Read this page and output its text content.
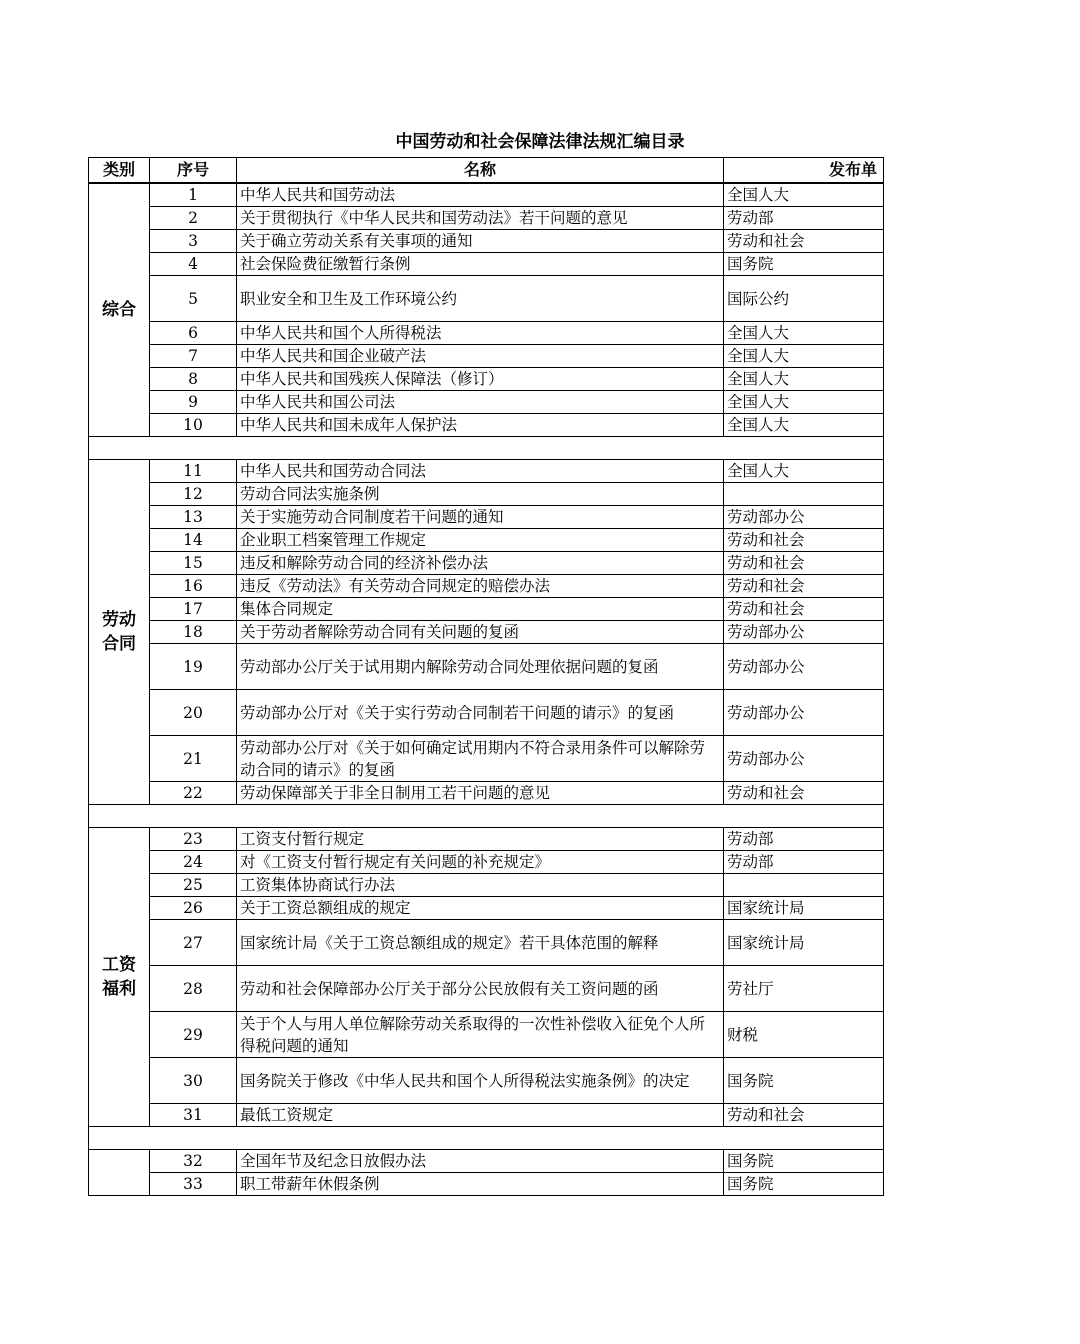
中国劳动和社会保障法律法规汇编目录
类别	序号	名称	发布单
综合	1	中华人民共和国劳动法	全国人大
	2	关于贯彻执行《中华人民共和国劳动法》若干问题的意见	劳动部
	3	关于确立劳动关系有关事项的通知	劳动和社会
	4	社会保险费征缴暂行条例	国务院
	5	职业安全和卫生及工作环境公约	国际公约
	6	中华人民共和国个人所得税法	全国人大
	7	中华人民共和国企业破产法	全国人大
	8	中华人民共和国残疾人保障法（修订）	全国人大
	9	中华人民共和国公司法	全国人大
	10	中华人民共和国未成年人保护法	全国人大

劳动合同	11	中华人民共和国劳动合同法	全国人大
	12	劳动合同法实施条例	
	13	关于实施劳动合同制度若干问题的通知	劳动部办公
	14	企业职工档案管理工作规定	劳动和社会
	15	违反和解除劳动合同的经济补偿办法	劳动和社会
	16	违反《劳动法》有关劳动合同规定的赔偿办法	劳动和社会
	17	集体合同规定	劳动和社会
	18	关于劳动者解除劳动合同有关问题的复函	劳动部办公
	19	劳动部办公厅关于试用期内解除劳动合同处理依据问题的复函	劳动部办公
	20	劳动部办公厅对《关于实行劳动合同制若干问题的请示》的复函	劳动部办公
	21	劳动部办公厅对《关于如何确定试用期内不符合录用条件可以解除劳动合同的请示》的复函	劳动部办公
	22	劳动保障部关于非全日制用工若干问题的意见	劳动和社会

工资福利	23	工资支付暂行规定	劳动部
	24	对《工资支付暂行规定有关问题的补充规定》	劳动部
	25	工资集体协商试行办法	
	26	关于工资总额组成的规定	国家统计局
	27	国家统计局《关于工资总额组成的规定》若干具体范围的解释	国家统计局
	28	劳动和社会保障部办公厅关于部分公民放假有关工资问题的函	劳社厅
	29	关于个人与用人单位解除劳动关系取得的一次性补偿收入征免个人所得税问题的通知	财税
	30	国务院关于修改《中华人民共和国个人所得税法实施条例》的决定	国务院
	31	最低工资规定	劳动和社会

	32	全国年节及纪念日放假办法	国务院
	33	职工带薪年休假条例	国务院
